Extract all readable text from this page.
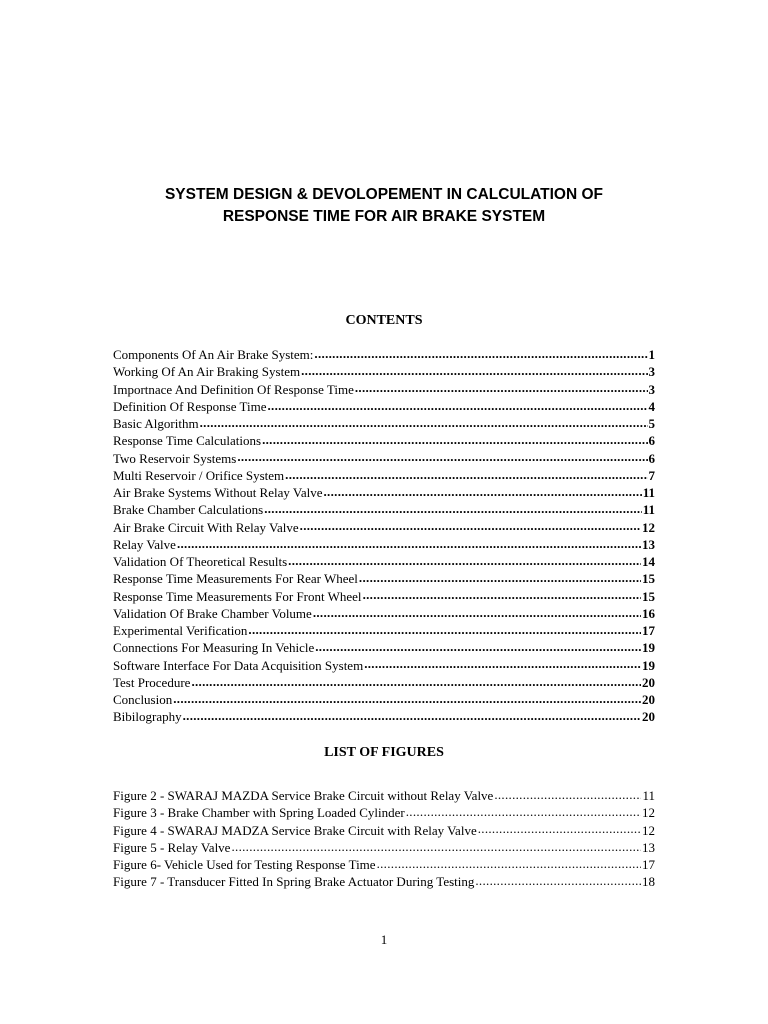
SYSTEM DESIGN & DEVOLOPEMENT IN CALCULATION OF
RESPONSE TIME FOR AIR BRAKE SYSTEM
CONTENTS
Components Of An Air Brake System: .....	1
Working Of An Air Braking System .....	3
Importnace And Definition Of Response Time .....	3
Definition Of Response Time .....	4
Basic Algorithm .....	5
Response Time Calculations .....	6
Two Reservoir Systems .....	6
Multi Reservoir / Orifice System .....	7
Air Brake Systems Without Relay Valve .....	11
Brake Chamber Calculations .....	11
Air Brake Circuit With Relay Valve .....	12
Relay Valve .....	13
Validation Of Theoretical Results .....	14
Response Time Measurements For Rear Wheel .....	15
Response Time Measurements For Front Wheel .....	15
Validation Of Brake Chamber Volume .....	16
Experimental Verification .....	17
Connections For Measuring In Vehicle .....	19
Software Interface For Data Acquisition System .....	19
Test Procedure .....	20
Conclusion .....	20
Bibilography .....	20
LIST OF FIGURES
Figure 2 - SWARAJ MAZDA Service Brake Circuit without Relay Valve .....	11
Figure 3 - Brake Chamber with Spring Loaded Cylinder .....	12
Figure 4 - SWARAJ MADZA Service Brake Circuit with Relay Valve .....	12
Figure 5 - Relay Valve .....	13
Figure 6- Vehicle Used for Testing Response Time .....	17
Figure 7 - Transducer Fitted In Spring Brake Actuator During Testing .....	18
1
